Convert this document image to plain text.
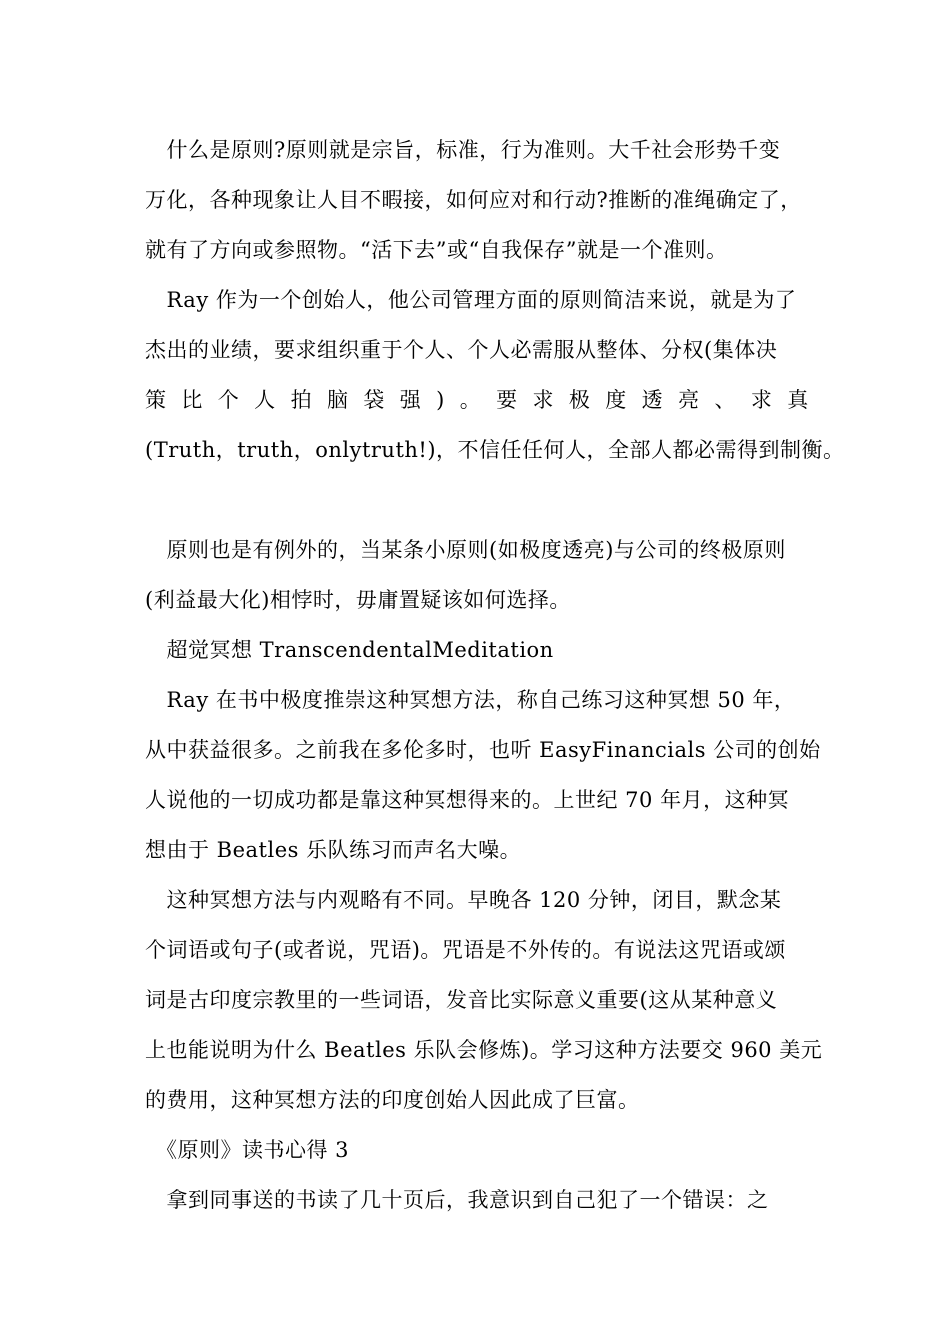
　什么是原则?原则就是宗旨，标准，行为准则。大千社会形势千变
万化，各种现象让人目不暇接，如何应对和行动?推断的准绳确定了，
就有了方向或参照物。“活下去”或“自我保存”就是一个准则。
　Ray 作为一个创始人，他公司管理方面的原则简洁来说，就是为了
杰出的业绩，要求组织重于个人、个人必需服从整体、分权(集体决
策 比 个 人 拍 脑 袋 强 ) 。 要 求 极 度 透 亮 、 求 真
(Truth，truth，onlytruth!)，不信任任何人，全部人都必需得到制衡。
　原则也是有例外的，当某条小原则(如极度透亮)与公司的终极原则
(利益最大化)相悖时，毋庸置疑该如何选择。
　超觉冥想 TranscendentalMeditation
　Ray 在书中极度推崇这种冥想方法，称自己练习这种冥想 50 年，
从中获益很多。之前我在多伦多时，也听 EasyFinancials 公司的创始
人说他的一切成功都是靠这种冥想得来的。上世纪 70 年月，这种冥
想由于 Beatles 乐队练习而声名大噪。
　这种冥想方法与内观略有不同。早晚各 120 分钟，闭目，默念某
个词语或句子(或者说，咒语)。咒语是不外传的。有说法这咒语或颂
词是古印度宗教里的一些词语，发音比实际意义重要(这从某种意义
上也能说明为什么 Beatles 乐队会修炼)。学习这种方法要交 960 美元
的费用，这种冥想方法的印度创始人因此成了巨富。
　《原则》读书心得 3
　拿到同事送的书读了几十页后，我意识到自己犯了一个错误：之
